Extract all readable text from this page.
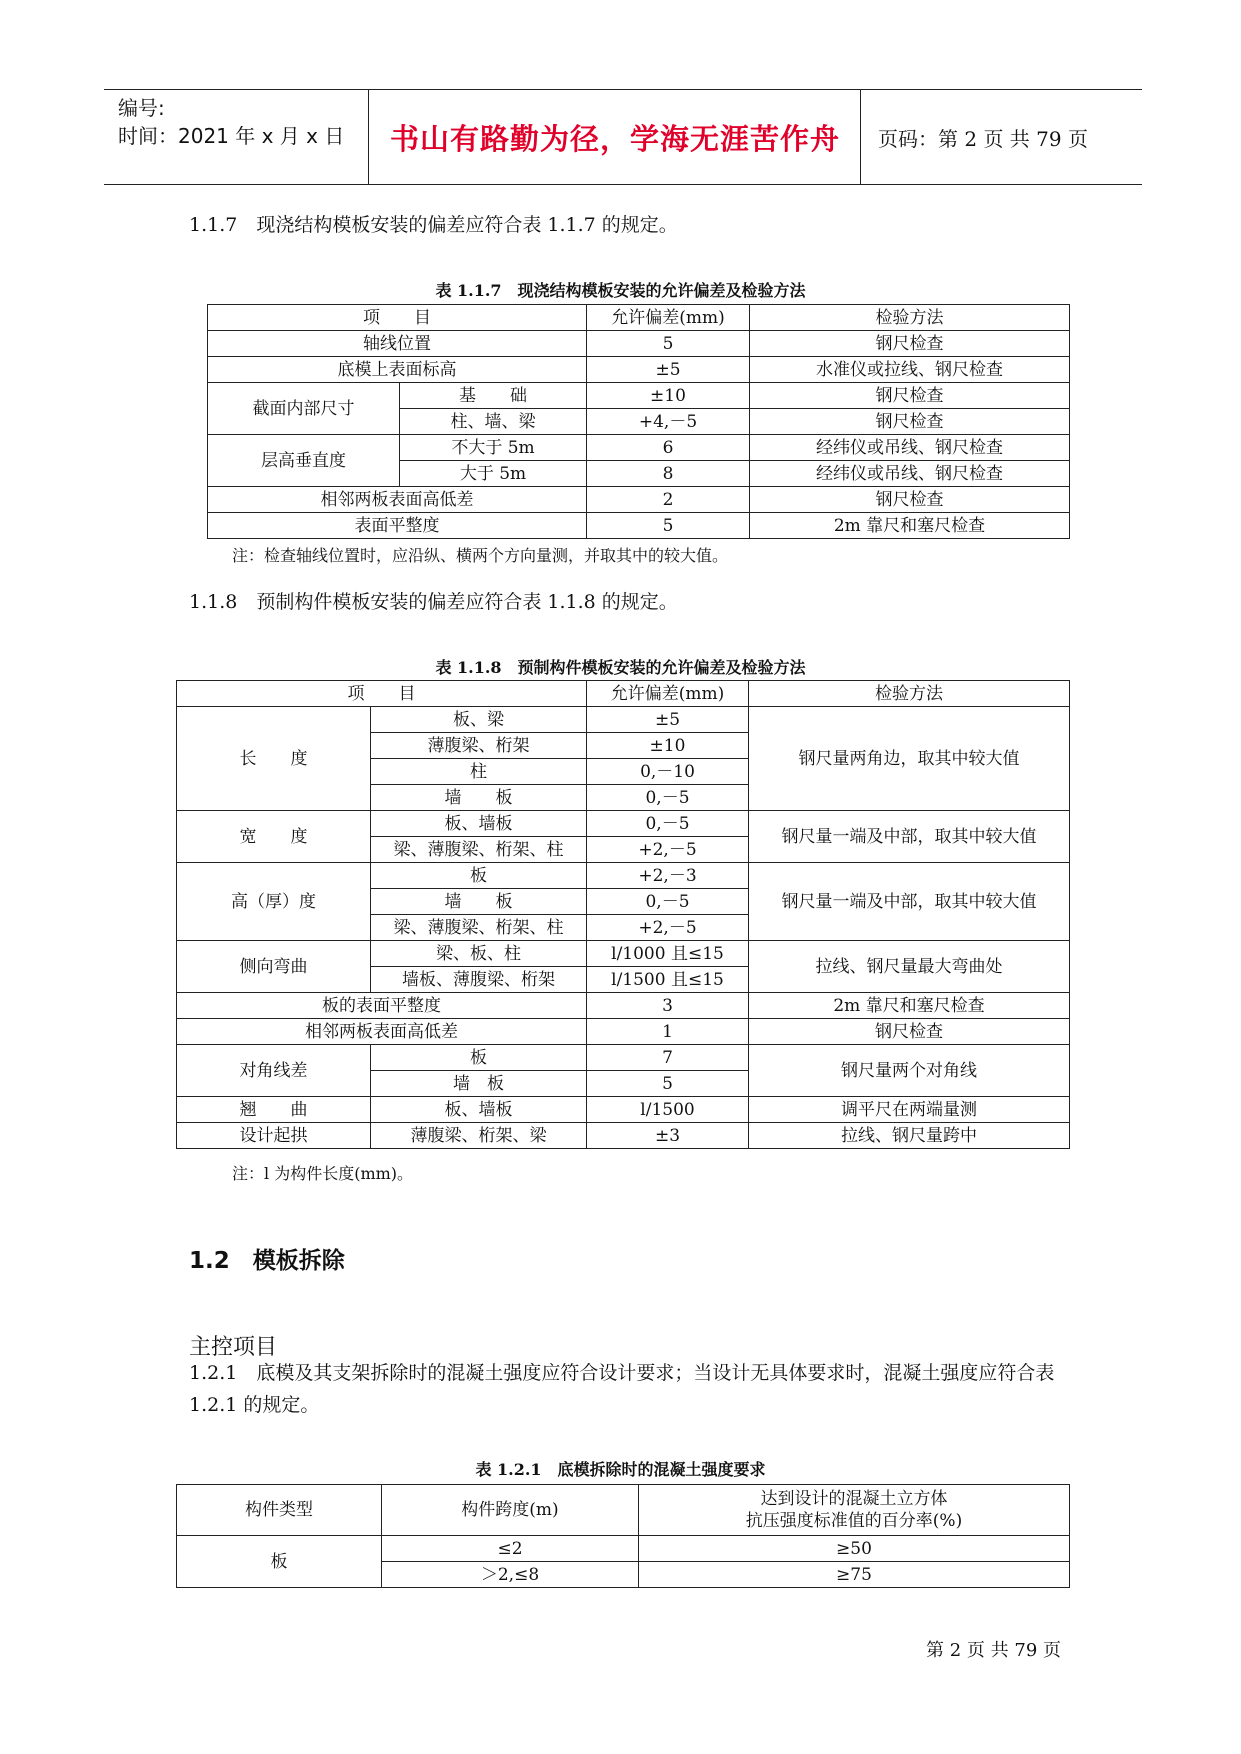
编号:
时间：2021 年 x 月 x 日	书山有路勤为径，学海无涯苦作舟 页码：第 2 页 共 79 页
1.1.7　现浇结构模板安装的偏差应符合表 1.1.7 的规定。
表 1.1.7　现浇结构模板安装的允许偏差及检验方法
项　　目		允许偏差(mm)	检验方法
轴线位置		5	钢尺检查
底模上表面标高		±5	水准仪或拉线、钢尺检查
截面内部尺寸	基　　础	±10	钢尺检查
	柱、墙、梁	+4,－5	钢尺检查
层高垂直度	不大于 5m	6	经纬仪或吊线、钢尺检查
	大于 5m	8	经纬仪或吊线、钢尺检查
相邻两板表面高低差		2	钢尺检查
表面平整度		5	2m 靠尺和塞尺检查
注：检查轴线位置时，应沿纵、横两个方向量测，并取其中的较大值。
1.1.8　预制构件模板安装的偏差应符合表 1.1.8 的规定。
表 1.1.8　预制构件模板安装的允许偏差及检验方法
项　　目		允许偏差(mm)	检验方法
长　　度	板、梁	±5	钢尺量两角边，取其中较大值
	薄腹梁、桁架	±10	
	柱	0,－10	
	墙　　板	0,－5	
宽　　度	板、墙板	0,－5	钢尺量一端及中部，取其中较大值
	梁、薄腹梁、桁架、柱	+2,－5	
高（厚）度	板	+2,－3	钢尺量一端及中部，取其中较大值
	墙　　板	0,－5	
	梁、薄腹梁、桁架、柱	+2,－5	
侧向弯曲	梁、板、柱	l/1000 且≤15	拉线、钢尺量最大弯曲处
	墙板、薄腹梁、桁架	l/1500 且≤15	
板的表面平整度		3	2m 靠尺和塞尺检查
相邻两板表面高低差		1	钢尺检查
对角线差	板	7	钢尺量两个对角线
	墙　板	5	
翘　　曲	板、墙板	l/1500	调平尺在两端量测
设计起拱	薄腹梁、桁架、梁	±3	拉线、钢尺量跨中
注：l 为构件长度(mm)。
1.2　模板拆除
主控项目
1.2.1　底模及其支架拆除时的混凝土强度应符合设计要求；当设计无具体要求时，混凝土强度应符合表 1.2.1 的规定。
表 1.2.1　底模拆除时的混凝土强度要求
构件类型	构件跨度(m)	达到设计的混凝土立方体
抗压强度标准值的百分率(%)

板	≤2	≥50
	＞2,≤8	≥75
第 2 页 共 79 页
